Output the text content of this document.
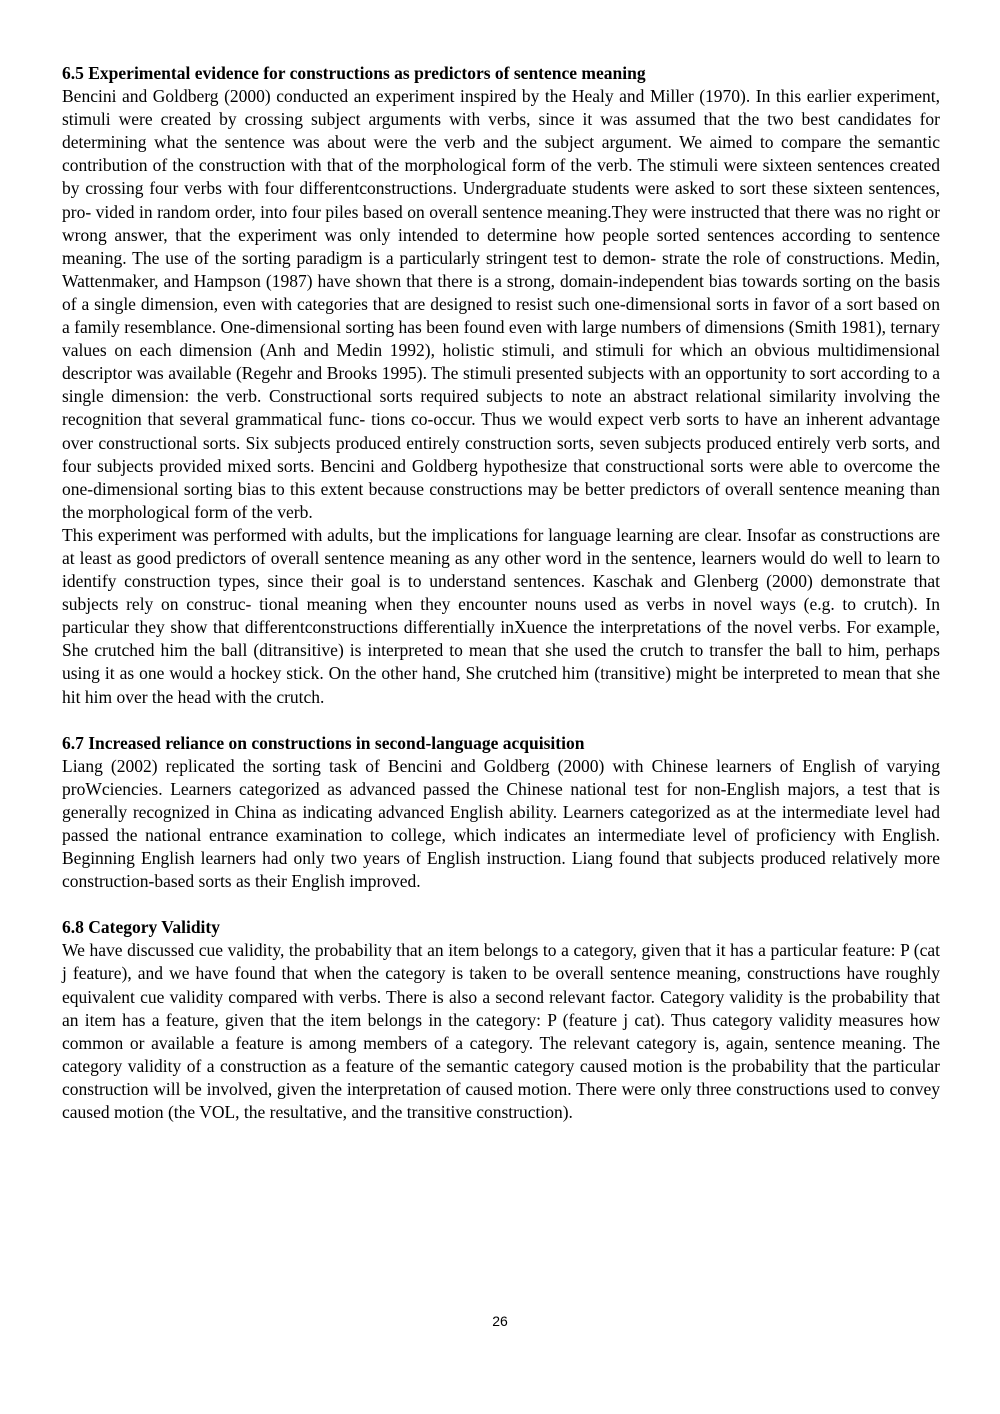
6.5 Experimental evidence for constructions as predictors of sentence meaning

Bencini and Goldberg (2000) conducted an experiment inspired by the Healy and Miller (1970). In this earlier experiment, stimuli were created by crossing subject arguments with verbs, since it was assumed that the two best candidates for determining what the sentence was about were the verb and the subject argument. We aimed to compare the semantic contribution of the construction with that of the morphological form of the verb. The stimuli were sixteen sentences created by crossing four verbs with four differentconstructions. Undergraduate students were asked to sort these sixteen sentences, pro- vided in random order, into four piles based on overall sentence meaning.They were instructed that there was no right or wrong answer, that the experiment was only intended to determine how people sorted sentences according to sentence meaning. The use of the sorting paradigm is a particularly stringent test to demon- strate the role of constructions. Medin, Wattenmaker, and Hampson (1987) have shown that there is a strong, domain-independent bias towards sorting on the basis of a single dimension, even with categories that are designed to resist such one-dimensional sorts in favor of a sort based on a family resemblance. One-dimensional sorting has been found even with large numbers of dimensions (Smith 1981), ternary values on each dimension (Anh and Medin 1992), holistic stimuli, and stimuli for which an obvious multidimensional descriptor was available (Regehr and Brooks 1995). The stimuli presented subjects with an opportunity to sort according to a single dimension: the verb. Constructional sorts required subjects to note an abstract relational similarity involving the recognition that several grammatical func- tions co-occur. Thus we would expect verb sorts to have an inherent advantage over constructional sorts. Six subjects produced entirely construction sorts, seven subjects produced entirely verb sorts, and four subjects provided mixed sorts. Bencini and Goldberg hypothesize that constructional sorts were able to overcome the one-dimensional sorting bias to this extent because constructions may be better predictors of overall sentence meaning than the morphological form of the verb.

This experiment was performed with adults, but the implications for language learning are clear. Insofar as constructions are at least as good predictors of overall sentence meaning as any other word in the sentence, learners would do well to learn to identify construction types, since their goal is to understand sentences. Kaschak and Glenberg (2000) demonstrate that subjects rely on construc- tional meaning when they encounter nouns used as verbs in novel ways (e.g. to crutch). In particular they show that differentconstructions differentially inXuence the interpretations of the novel verbs. For example, She crutched him the ball (ditransitive) is interpreted to mean that she used the crutch to transfer the ball to him, perhaps using it as one would a hockey stick. On the other hand, She crutched him (transitive) might be interpreted to mean that she hit him over the head with the crutch.

6.7 Increased reliance on constructions in second-language acquisition

Liang (2002) replicated the sorting task of Bencini and Goldberg (2000) with Chinese learners of English of varying proWciencies. Learners categorized as advanced passed the Chinese national test for non-English majors, a test that is generally recognized in China as indicating advanced English ability. Learners categorized as at the intermediate level had passed the national entrance examination to college, which indicates an intermediate level of proficiency with English. Beginning English learners had only two years of English instruction. Liang found that subjects produced relatively more construction-based sorts as their English improved.

6.8 Category Validity

We have discussed cue validity, the probability that an item belongs to a category, given that it has a particular feature: P (cat j feature), and we have found that when the category is taken to be overall sentence meaning, constructions have roughly equivalent cue validity compared with verbs. There is also a second relevant factor. Category validity is the probability that an item has a feature, given that the item belongs in the category: P (feature j cat). Thus category validity measures how common or available a feature is among members of a category. The relevant category is, again, sentence meaning. The category validity of a construction as a feature of the semantic category caused motion is the probability that the particular construction will be involved, given the interpretation of caused motion. There were only three constructions used to convey caused motion (the VOL, the resultative, and the transitive construction).

26
